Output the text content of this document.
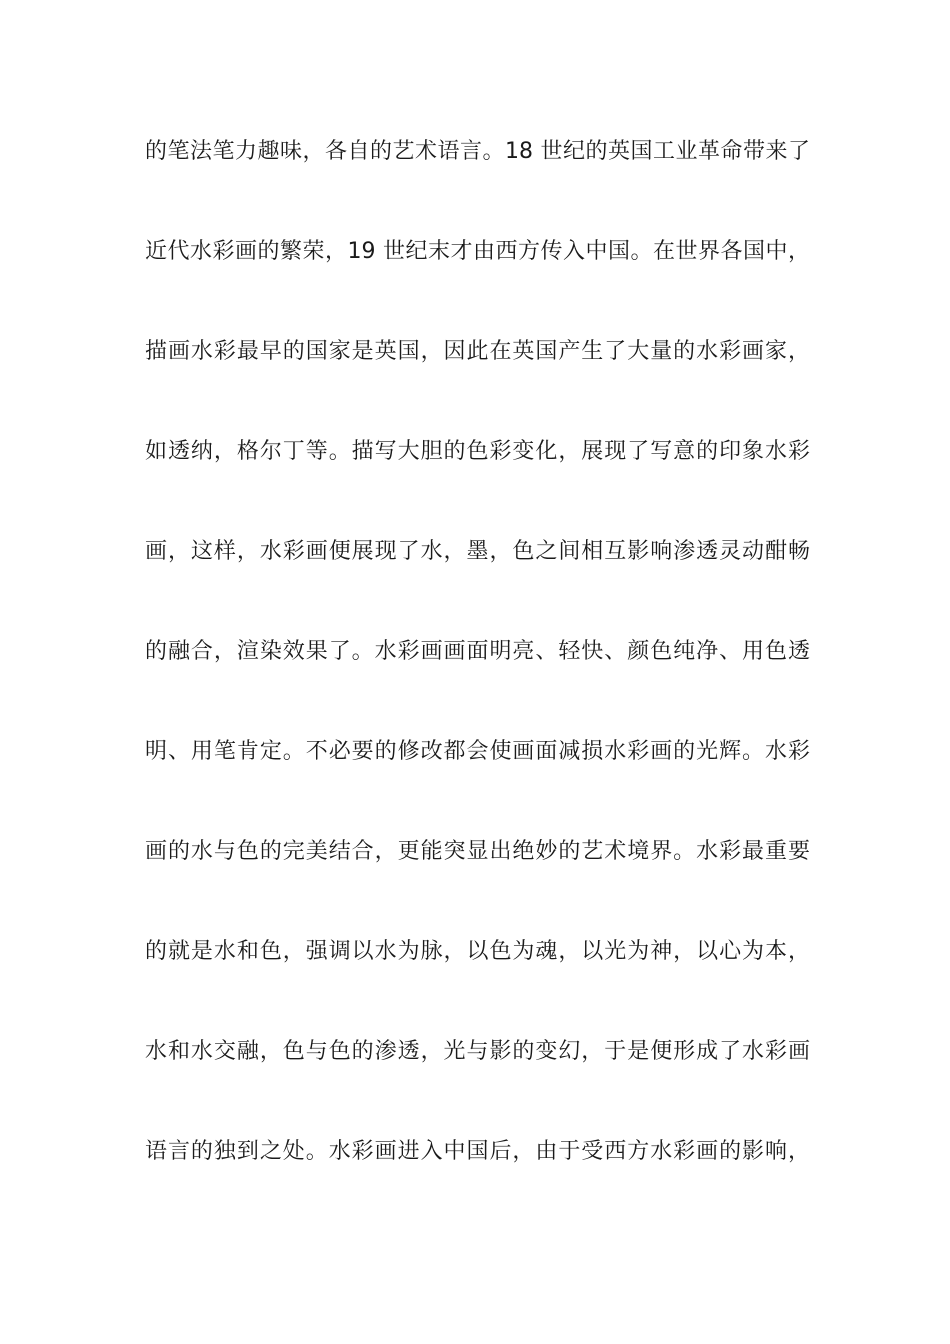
的笔法笔力趣味，各自的艺术语言。18 世纪的英国工业革命带来了
近代水彩画的繁荣，19 世纪末才由西方传入中国。在世界各国中，
描画水彩最早的国家是英国，因此在英国产生了大量的水彩画家，
如透纳，格尔丁等。描写大胆的色彩变化，展现了写意的印象水彩
画，这样，水彩画便展现了水，墨，色之间相互影响渗透灵动酣畅
的融合，渲染效果了。水彩画画面明亮、轻快、颜色纯净、用色透
明、用笔肯定。不必要的修改都会使画面减损水彩画的光辉。水彩
画的水与色的完美结合，更能突显出绝妙的艺术境界。水彩最重要
的就是水和色，强调以水为脉，以色为魂，以光为神，以心为本，
水和水交融，色与色的渗透，光与影的变幻，于是便形成了水彩画
语言的独到之处。水彩画进入中国后，由于受西方水彩画的影响，
